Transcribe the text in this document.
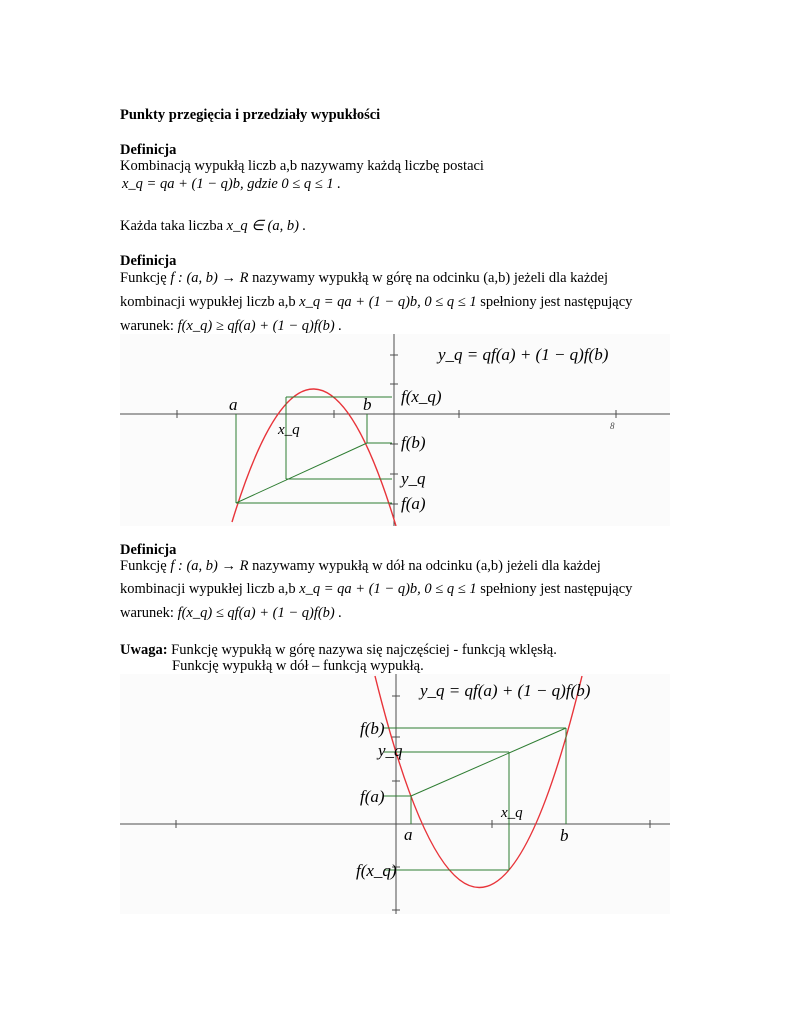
Punkty przegięcia i przedziały wypukłości
Definicja
Kombinacją wypukłą liczb a,b nazywamy każdą liczbę postaci
x_q = qa + (1 − q)b, gdzie 0 ≤ q ≤ 1 .
Każda taka liczba x_q ∈ (a, b) .
Definicja
Funkcję f : (a, b) → R nazywamy wypukłą w górę na odcinku (a,b) jeżeli dla każdej
kombinacji wypukłej liczb a,b x_q = qa + (1 − q)b, 0 ≤ q ≤ 1 spełniony jest następujący
warunek: f(x_q) ≥ qf(a) + (1 − q)f(b) .
a	b
x_q
f(x_q)
f(b)
y_q
f(a)
8
y_q = qf(a) + (1 − q)f(b)
Definicja
Funkcję f : (a, b) → R nazywamy wypukłą w dół na odcinku (a,b) jeżeli dla każdej
kombinacji wypukłej liczb a,b x_q = qa + (1 − q)b, 0 ≤ q ≤ 1 spełniony jest następujący
warunek: f(x_q) ≤ qf(a) + (1 − q)f(b) .
Uwaga: Funkcję wypukłą w górę nazywa się najczęściej - funkcją wklęsłą.
Funkcję wypukłą w dół – funkcją wypukłą.
y_q = qf(a) + (1 − q)f(b)
f(b)
y_q
f(a)
x_q
a	b
f(x_q)
